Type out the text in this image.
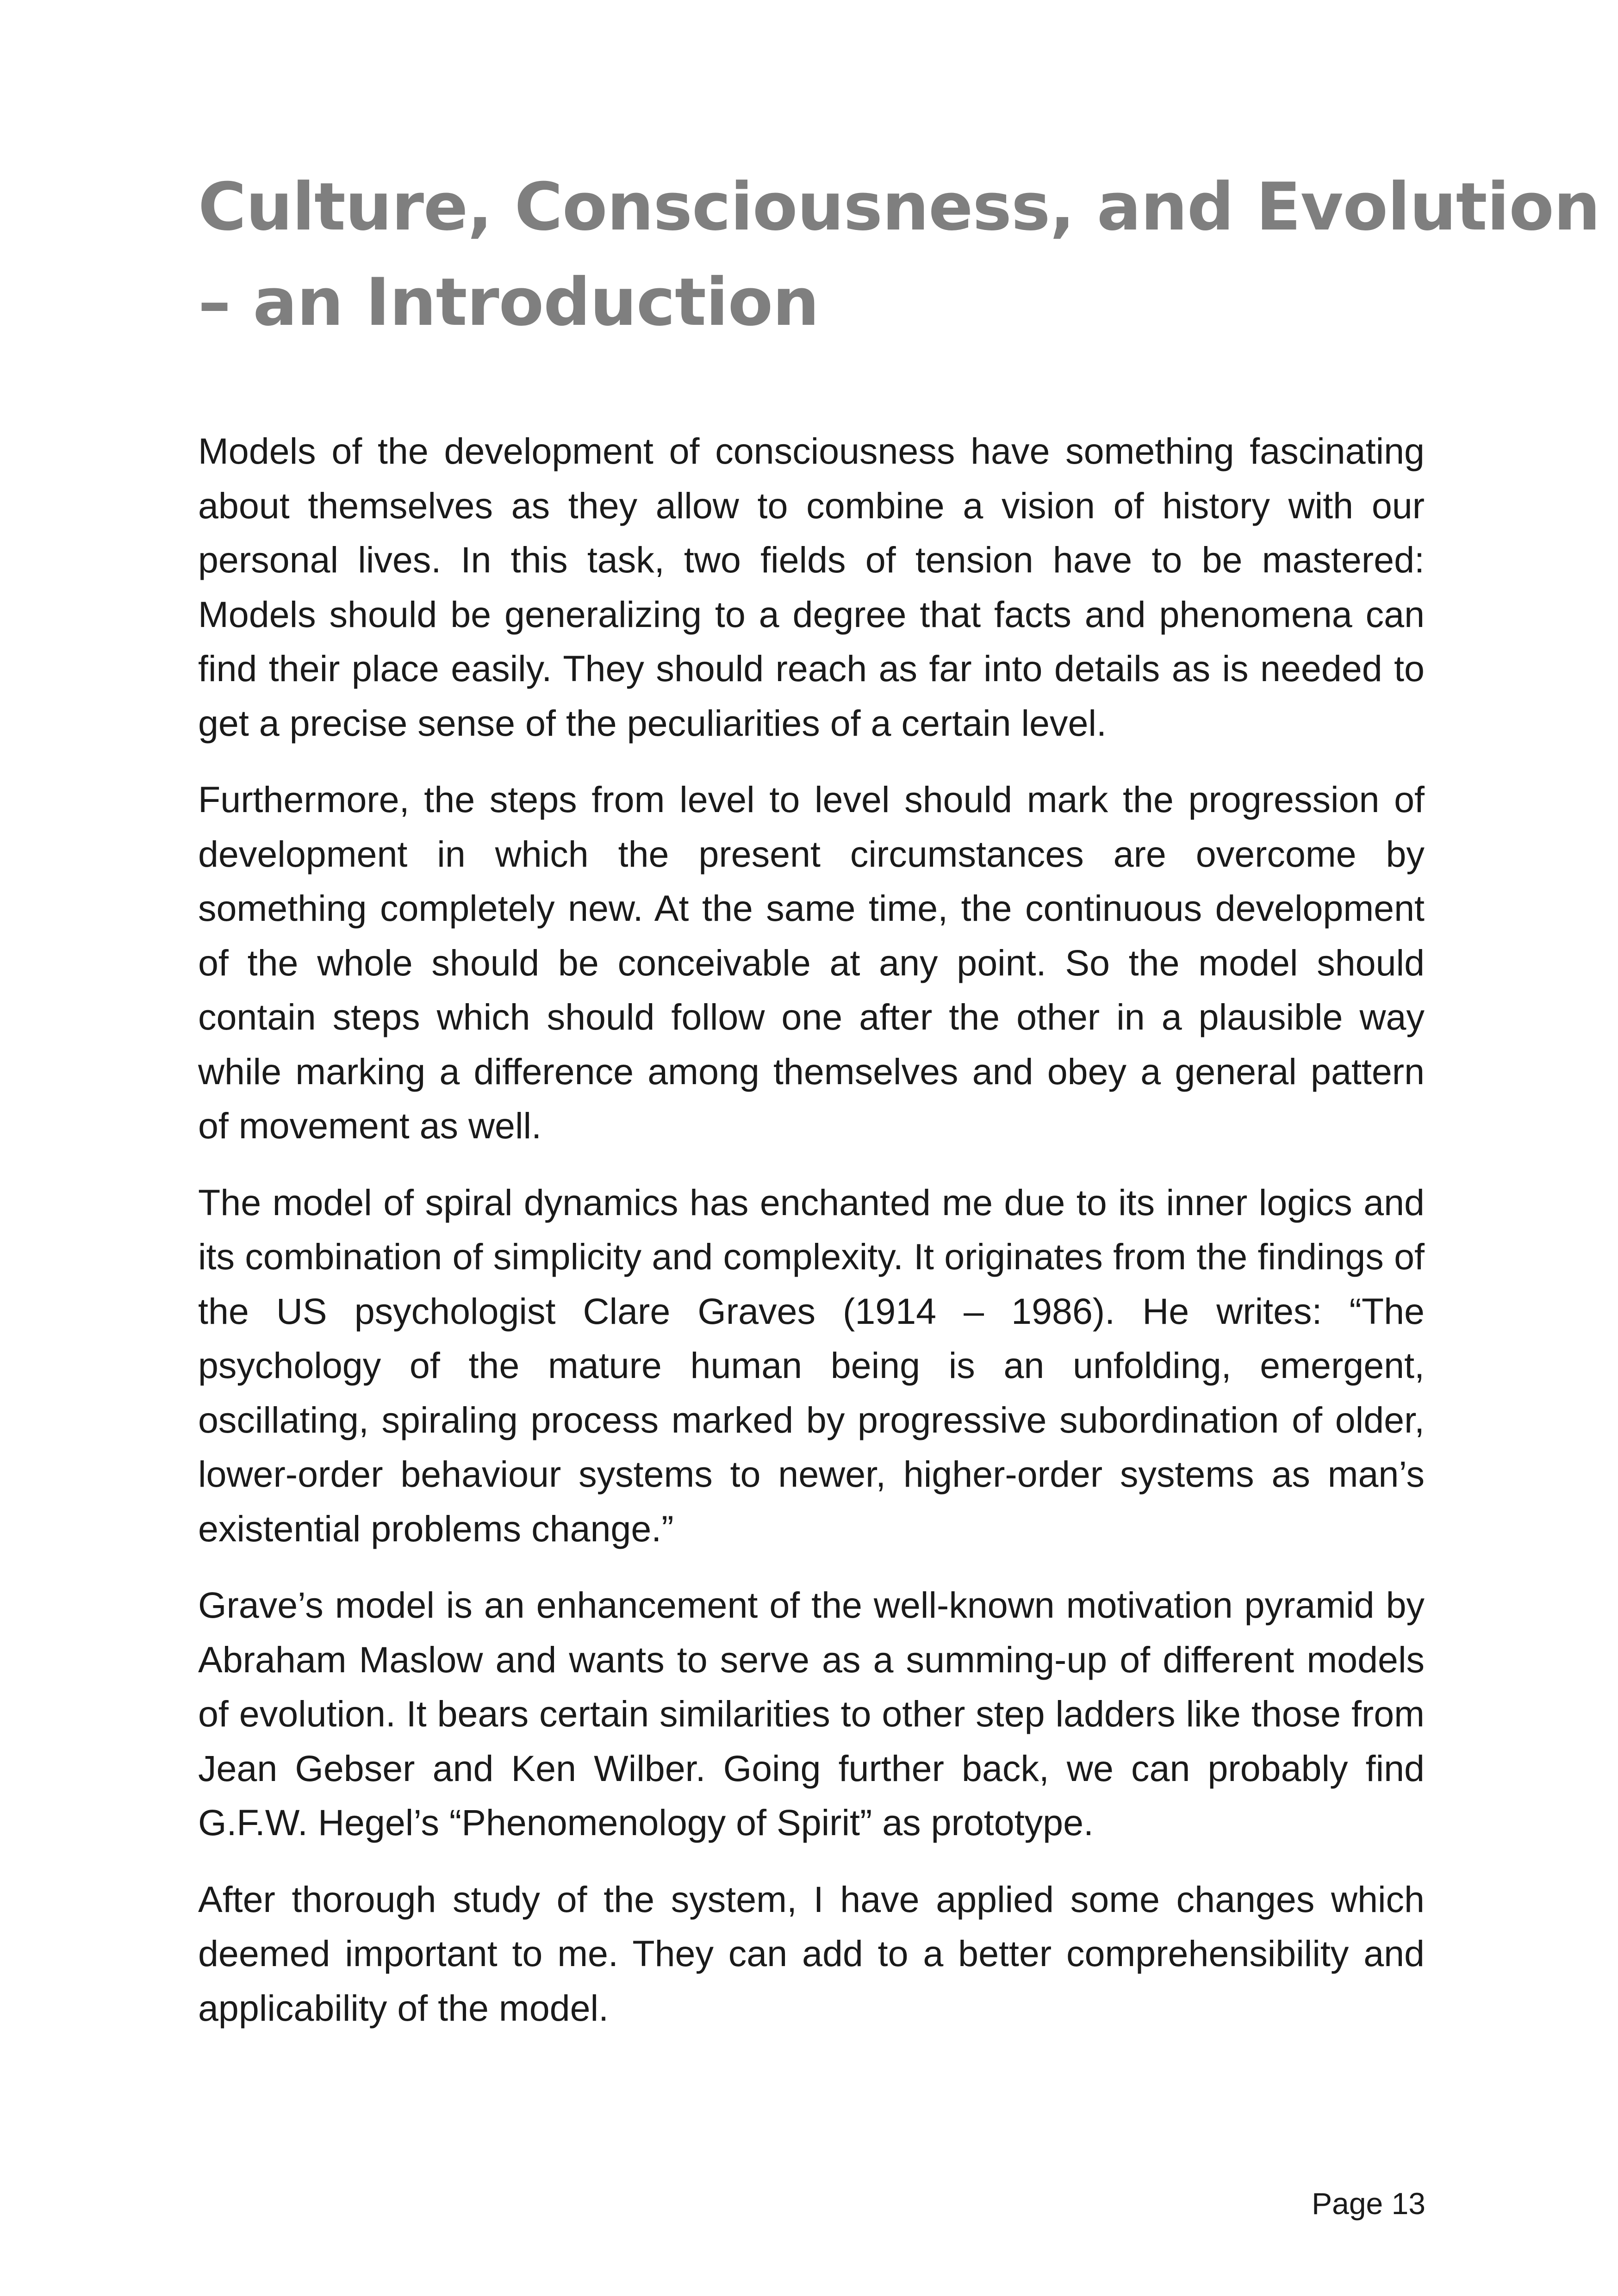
Culture, Consciousness, and Evolution
– an Introduction

Models of the development of consciousness have something fascinating about themselves as they allow to combine a vision of history with our personal lives. In this task, two fields of tension have to be mastered: Models should be generalizing to a degree that facts and phenomena can find their place easily. They should reach as far into details as is needed to get a precise sense of the peculiarities of a certain level.

Furthermore, the steps from level to level should mark the progression of development in which the present circumstances are overcome by something completely new. At the same time, the continuous development of the whole should be conceivable at any point. So the model should contain steps which should follow one after the other in a plausible way while marking a difference among themselves and obey a general pattern of movement as well.

The model of spiral dynamics has enchanted me due to its inner logics and its combination of simplicity and complexity. It originates from the findings of the US psychologist Clare Graves (1914 – 1986). He writes: “The psychology of the mature human being is an unfolding, emergent, oscillating, spiraling process marked by progressive subordination of older, lower-order behaviour systems to newer, higher-order systems as man’s existential problems change.”

Grave’s model is an enhancement of the well-known motivation pyramid by Abraham Maslow and wants to serve as a summing-up of different models of evolution. It bears certain similarities to other step ladders like those from Jean Gebser and Ken Wilber. Going further back, we can probably find G.F.W. Hegel’s “Phenomenology of Spirit” as prototype.

After thorough study of the system, I have applied some changes which deemed important to me. They can add to a better comprehensibility and applicability of the model.

Page 13
